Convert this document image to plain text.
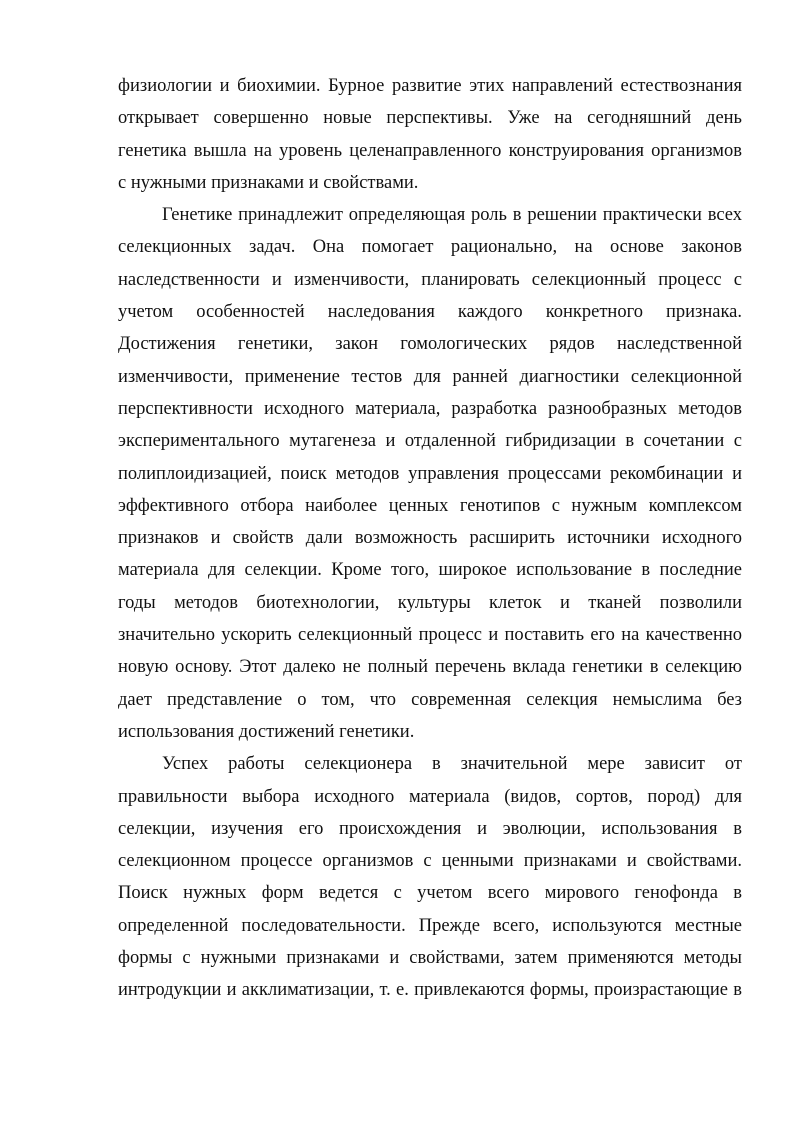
физиологии и биохимии. Бурное развитие этих направлений естествознания
открывает совершенно новые перспективы. Уже на сегодняшний день
генетика вышла на уровень целенаправленного конструирования организмов
с нужными признаками и свойствами.
Генетике принадлежит определяющая роль в решении практически всех
селекционных задач. Она помогает рационально, на основе законов
наследственности и изменчивости, планировать селекционный процесс с
учетом особенностей наследования каждого конкретного признака.
Достижения генетики, закон гомологических рядов наследственной
изменчивости, применение тестов для ранней диагностики селекционной
перспективности исходного материала, разработка разнообразных методов
экспериментального мутагенеза и отдаленной гибридизации в сочетании с
полиплоидизацией, поиск методов управления процессами рекомбинации и
эффективного отбора наиболее ценных генотипов с нужным комплексом
признаков и свойств дали возможность расширить источники исходного
материала для селекции. Кроме того, широкое использование в последние
годы методов биотехнологии, культуры клеток и тканей позволили
значительно ускорить селекционный процесс и поставить его на качественно
новую основу. Этот далеко не полный перечень вклада генетики в селекцию
дает представление о том, что современная селекция немыслима без
использования достижений генетики.
Успех работы селекционера в значительной мере зависит от
правильности выбора исходного материала (видов, сортов, пород) для
селекции, изучения его происхождения и эволюции, использования в
селекционном процессе организмов с ценными признаками и свойствами.
Поиск нужных форм ведется с учетом всего мирового генофонда в
определенной последовательности. Прежде всего, используются местные
формы с нужными признаками и свойствами, затем применяются методы
интродукции и акклиматизации, т. е. привлекаются формы, произрастающие в
